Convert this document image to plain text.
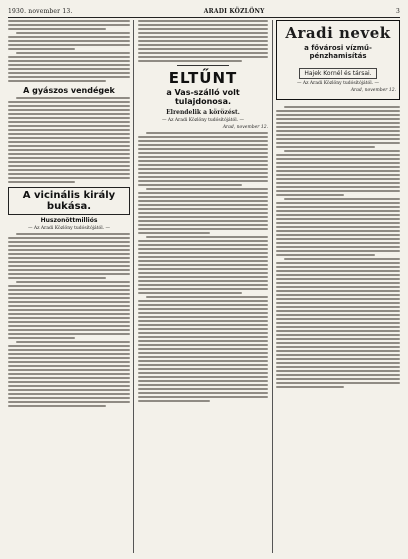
1930. november 13.	ARADI KÖZLÖNY	3
A gyászos vendégek
A vicinális király bukása.
Huszonöttmilliós
— Az Aradi Közlöny tudósítójától. —
ELTŰNT
a Vas-szálló volt tulajdonosa.
Elrendelik a körözést.
— Az Aradi Közlöny tudósítójától. —
Arad, november 12.
Aradi nevek
a fővárosi vízmű-pénzhamisítás
Hajek Kornél és társai.
— Az Aradi Közlöny tudósítójától. —
Arad, november 12.
